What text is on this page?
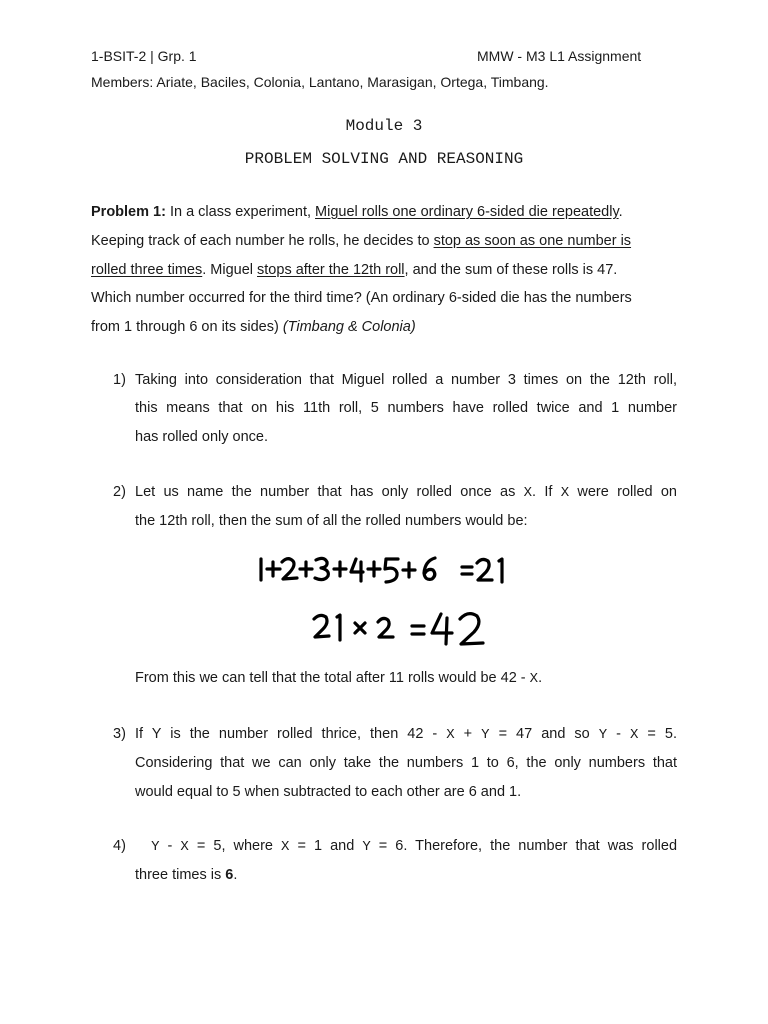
1-BSIT-2 | Grp. 1	MMW - M3 L1 Assignment
Members: Ariate, Baciles, Colonia, Lantano, Marasigan, Ortega, Timbang.
Module 3
PROBLEM SOLVING AND REASONING
Problem 1: In a class experiment, Miguel rolls one ordinary 6-sided die repeatedly.
Keeping track of each number he rolls, he decides to stop as soon as one number is
rolled three times. Miguel stops after the 12th roll, and the sum of these rolls is 47.
Which number occurred for the third time? (An ordinary 6-sided die has the numbers
from 1 through 6 on its sides) (Timbang & Colonia)
1) Taking into consideration that Miguel rolled a number 3 times on the 12th roll,
this means that on his 11th roll, 5 numbers have rolled twice and 1 number
has rolled only once.
2) Let us name the number that has only rolled once as X. If X were rolled on
the 12th roll, then the sum of all the rolled numbers would be:
From this we can tell that the total after 11 rolls would be 42 - X.
3) If Y is the number rolled thrice, then 42 - X + Y = 47 and so Y - X = 5.
Considering that we can only take the numbers 1 to 6, the only numbers that
would equal to 5 when subtracted to each other are 6 and 1.
4)	Y - X = 5, where X = 1 and Y = 6. Therefore, the number that was rolled
three times is 6.
